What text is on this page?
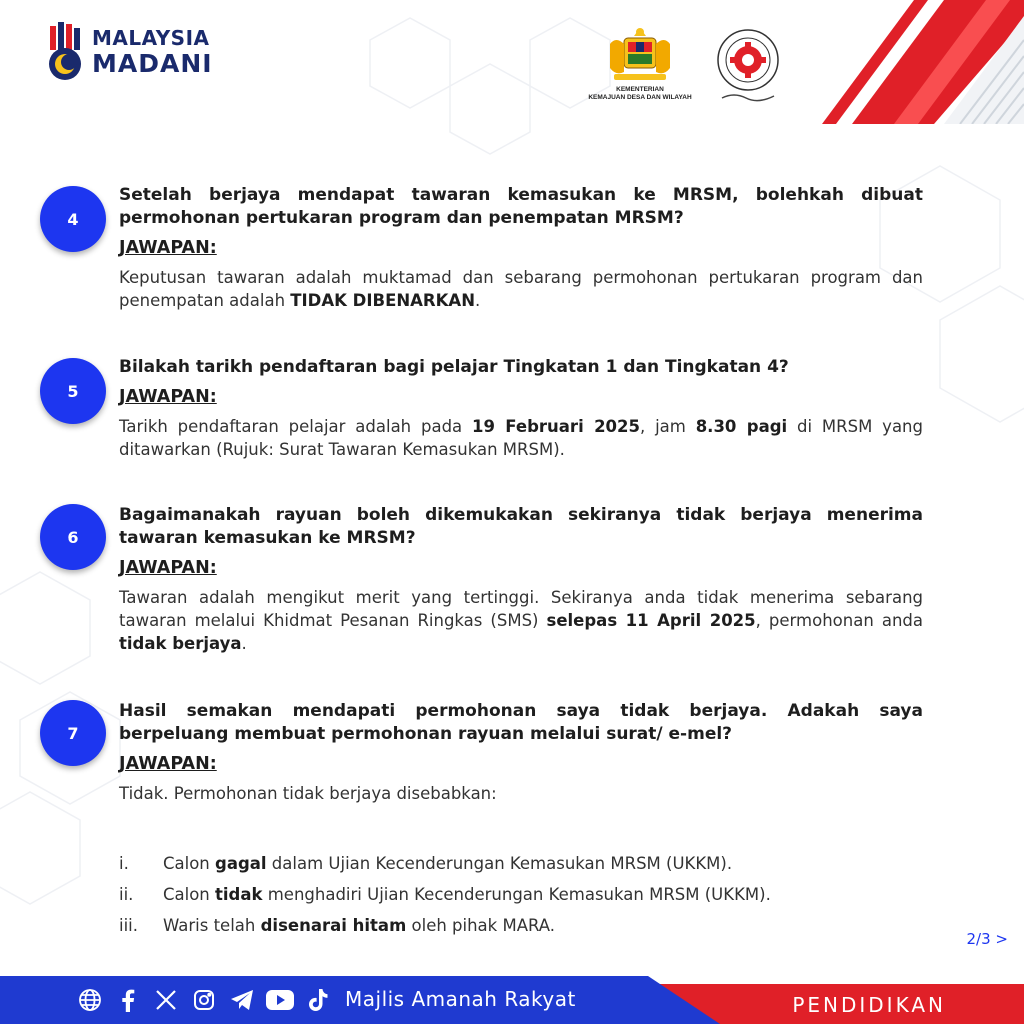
MALAYSIA
MADANI
KEMENTERIAN
KEMAJUAN DESA DAN WILAYAH
4

Setelah berjaya mendapat tawaran kemasukan ke MRSM, bolehkah dibuat permohonan pertukaran program dan penempatan MRSM?

JAWAPAN:

Keputusan tawaran adalah muktamad dan sebarang permohonan pertukaran program dan penempatan adalah TIDAK DIBENARKAN.

5

Bilakah tarikh pendaftaran bagi pelajar Tingkatan 1 dan Tingkatan 4?

JAWAPAN:

Tarikh pendaftaran pelajar adalah pada 19 Februari 2025, jam 8.30 pagi di MRSM yang ditawarkan (Rujuk: Surat Tawaran Kemasukan MRSM).

6

Bagaimanakah rayuan boleh dikemukakan sekiranya tidak berjaya menerima tawaran kemasukan ke MRSM?

JAWAPAN:

Tawaran adalah mengikut merit yang tertinggi. Sekiranya anda tidak menerima sebarang tawaran melalui Khidmat Pesanan Ringkas (SMS) selepas 11 April 2025, permohonan anda tidak berjaya.

7

Hasil semakan mendapati permohonan saya tidak berjaya. Adakah saya berpeluang membuat permohonan rayuan melalui surat/ e-mel?

JAWAPAN:

Tidak. Permohonan tidak berjaya disebabkan:

i.	Calon gagal dalam Ujian Kecenderungan Kemasukan MRSM (UKKM).
ii.	Calon tidak menghadiri Ujian Kecenderungan Kemasukan MRSM (UKKM).
iii.	Waris telah disenarai hitam oleh pihak MARA.
2/3 >
Majlis Amanah Rakyat	PENDIDIKAN
